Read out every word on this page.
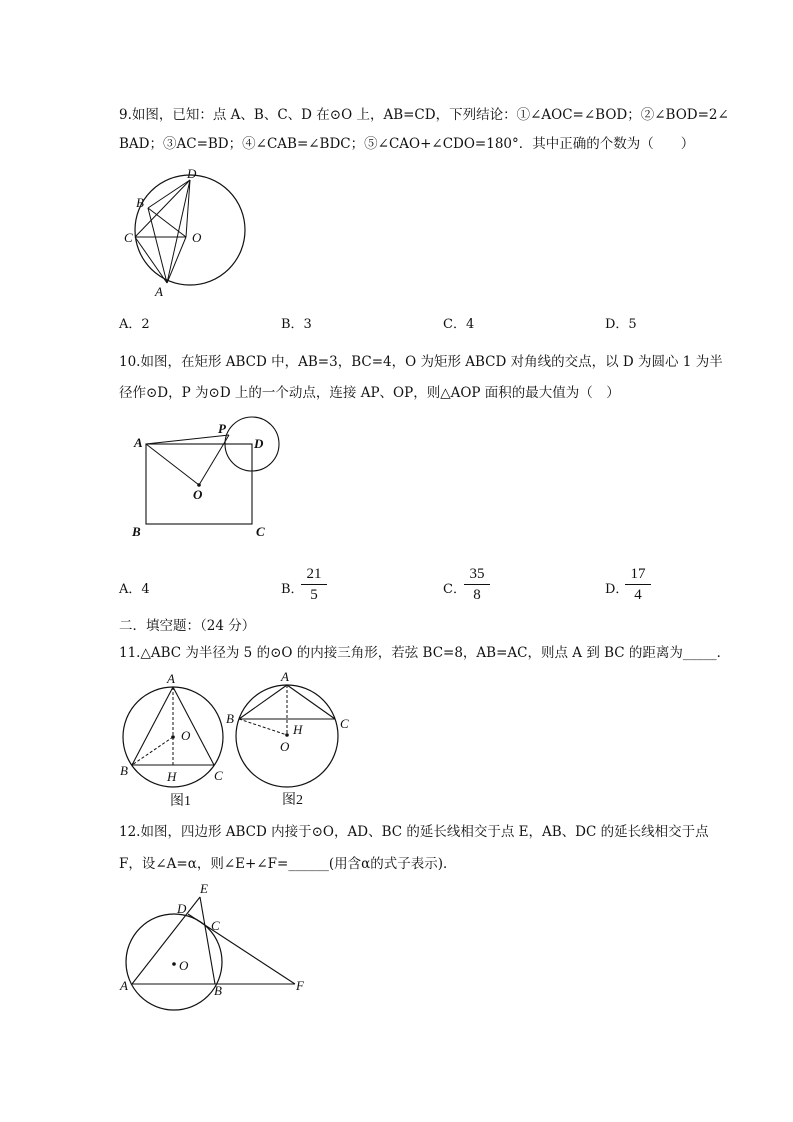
9.如图，已知：点 A、B、C、D 在⊙O 上，AB=CD，下列结论：①∠AOC=∠BOD；②∠BOD=2∠
BAD；③AC=BD；④∠CAB=∠BDC；⑤∠CAO+∠CDO=180°．其中正确的个数为（　　）
D
B
C	O
A
A．2	B．3	C．4	D．5
10.如图，在矩形 ABCD 中，AB=3，BC=4，O 为矩形 ABCD 对角线的交点，以 D 为圆心 1 为半
径作⊙D，P 为⊙D 上的一个动点，连接 AP、OP，则△AOP 面积的最大值为（　）
A
P
D
O
B	C
A．4	B．
$\frac{21}{5}$	C．
$\frac{35}{8}$	D．
$\frac{17}{4}$
二．填空题：（24 分）
11.△ABC 为半径为 5 的⊙O 的内接三角形，若弦 BC=8，AB=AC，则点 A 到 BC 的距离为_____．
A
O
B	H	C
图1
A
B	C
H
O
图2
12.如图，四边形 ABCD 内接于⊙O，AD、BC 的延长线相交于点 E，AB、DC 的延长线相交于点
F，设∠A=α，则∠E+∠F=______(用含α的式子表示)．
E
D
C
O
A	B	F
